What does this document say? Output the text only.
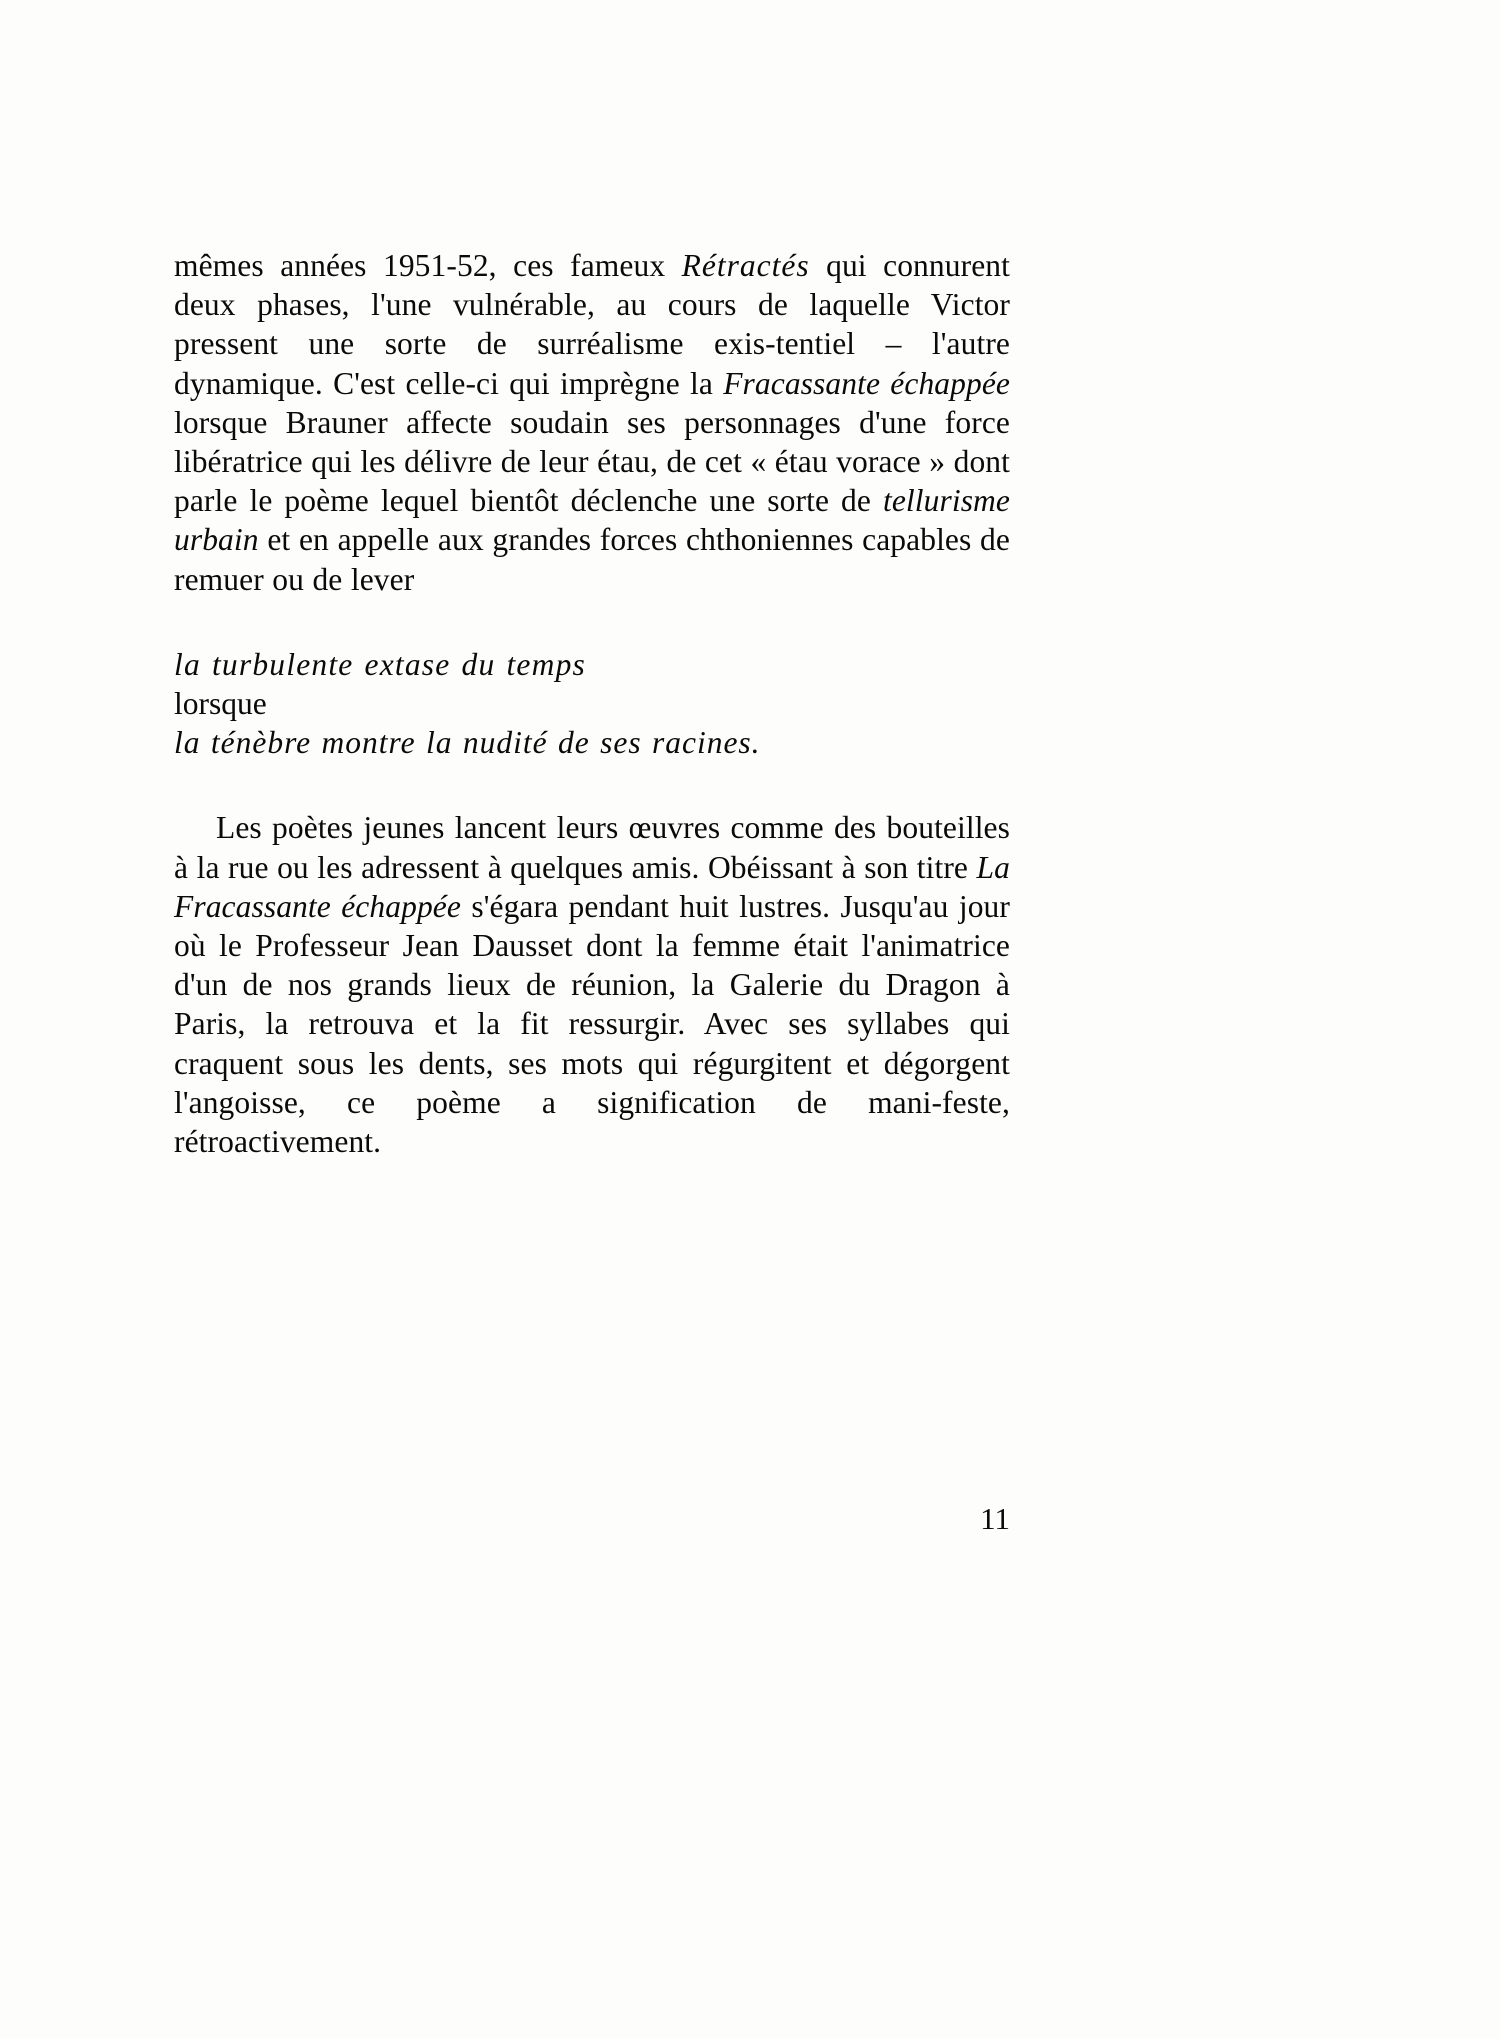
mêmes années 1951-52, ces fameux Rétractés qui connurent deux phases, l'une vulnérable, au cours de laquelle Victor pressent une sorte de surréalisme exis-tentiel – l'autre dynamique. C'est celle-ci qui imprègne la Fracassante échappée lorsque Brauner affecte soudain ses personnages d'une force libératrice qui les délivre de leur étau, de cet « étau vorace » dont parle le poème lequel bientôt déclenche une sorte de tellurisme urbain et en appelle aux grandes forces chthoniennes capables de remuer ou de lever

la turbulente extase du temps
lorsque
la ténèbre montre la nudité de ses racines.

Les poètes jeunes lancent leurs œuvres comme des bouteilles à la rue ou les adressent à quelques amis. Obéissant à son titre La Fracassante échappée s'égara pendant huit lustres. Jusqu'au jour où le Professeur Jean Dausset dont la femme était l'animatrice d'un de nos grands lieux de réunion, la Galerie du Dragon à Paris, la retrouva et la fit ressurgir. Avec ses syllabes qui craquent sous les dents, ses mots qui régurgitent et dégorgent l'angoisse, ce poème a signification de mani-feste, rétroactivement.

11
